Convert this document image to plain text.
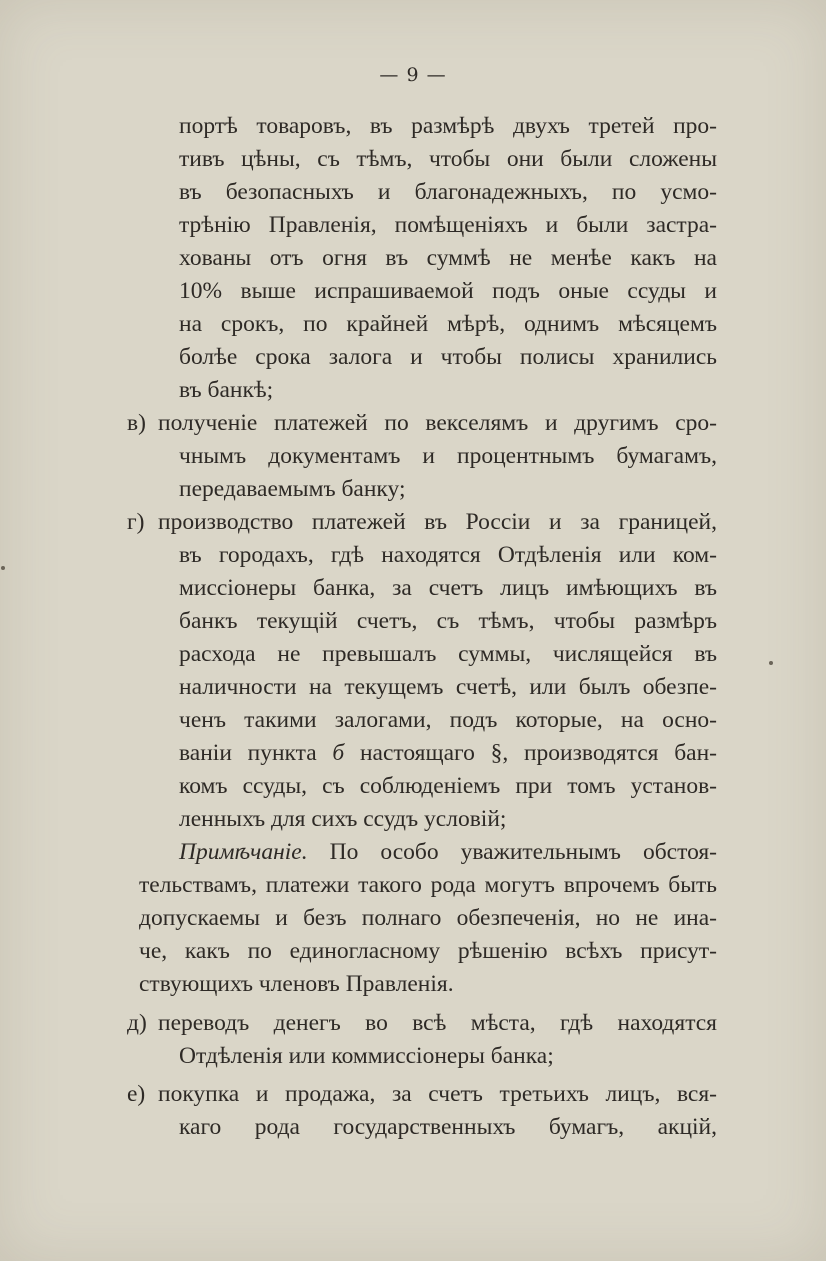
— 9 —
портѣ товаровъ, въ размѣрѣ двухъ третей про-
тивъ цѣны, съ тѣмъ, чтобы они были сложены
въ безопасныхъ и благонадежныхъ, по усмо-
трѣнiю Правленiя, помѣщенiяхъ и были застра-
хованы отъ огня въ суммѣ не менѣе какъ на
10% выше испрашиваемой подъ оные ссуды и
на срокъ, по крайней мѣрѣ, однимъ мѣсяцемъ
болѣе срока залога и чтобы полисы хранились
въ банкѣ;
в) полученiе платежей по векселямъ и другимъ сро-
чнымъ документамъ и процентнымъ бумагамъ,
передаваемымъ банку;
г) производство платежей въ Россiи и за границей,
въ городахъ, гдѣ находятся Отдѣленiя или ком-
миссiонеры банка, за счетъ лицъ имѣющихъ въ
банкъ текущiй счетъ, съ тѣмъ, чтобы размѣръ
расхода не превышалъ суммы, числящейся въ
наличности на текущемъ счетѣ, или былъ обезпе-
ченъ такими залогами, подъ которые, на осно-
ванiи пункта б настоящаго §, производятся бан-
комъ ссуды, съ соблюденiемъ при томъ установ-
ленныхъ для сихъ ссудъ условiй;
Примѣчанiе. По особо уважительнымъ обстоя-
тельствамъ, платежи такого рода могутъ впрочемъ быть
допускаемы и безъ полнаго обезпеченiя, но не ина-
че, какъ по единогласному рѣшенiю всѣхъ присут-
ствующихъ членовъ Правленiя.
д) переводъ денегъ во всѣ мѣста, гдѣ находятся
Отдѣленiя или коммиссiонеры банка;
е) покупка и продажа, за счетъ третьихъ лицъ, вся-
каго рода государственныхъ бумагъ, акцiй,
